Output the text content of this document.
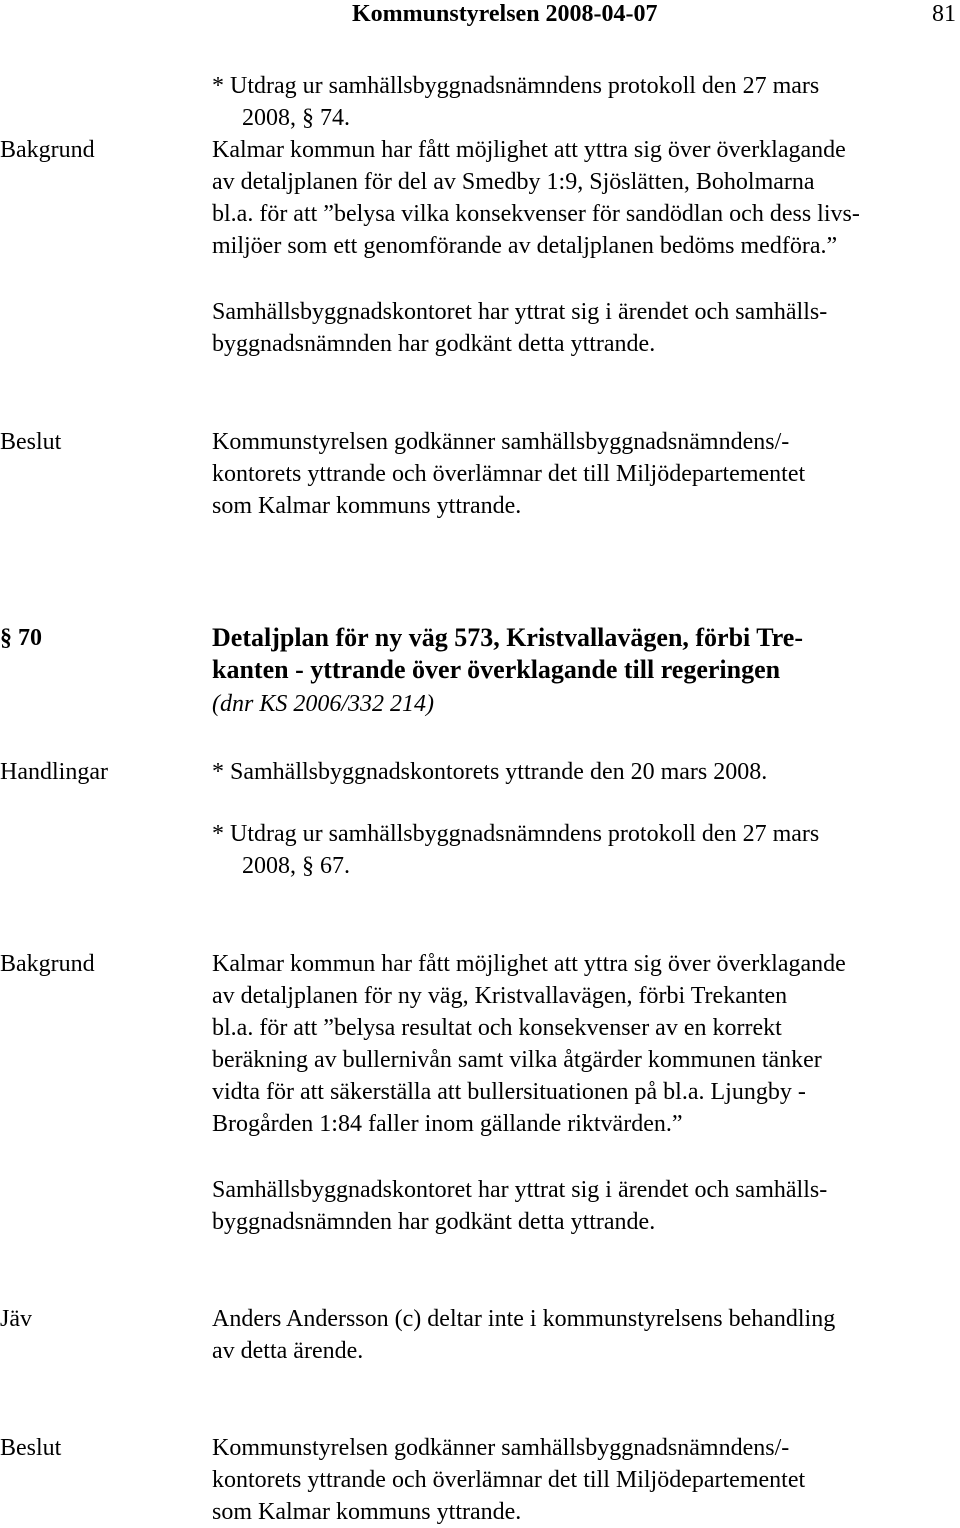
Kommunstyrelsen 2008-04-07	81
* Utdrag ur samhällsbyggnadsnämndens protokoll den 27 mars
2008, § 74.
Bakgrund	Kalmar kommun har fått möjlighet att yttra sig över överklagande
av detaljplanen för del av Smedby 1:9, Sjöslätten, Boholmarna
bl.a. för att ”belysa vilka konsekvenser för sandödlan och dess livs-
miljöer som ett genomförande av detaljplanen bedöms medföra.”
Samhällsbyggnadskontoret har yttrat sig i ärendet och samhälls-
byggnadsnämnden har godkänt detta yttrande.
Beslut	Kommunstyrelsen godkänner samhällsbyggnadsnämndens/-
kontorets yttrande och överlämnar det till Miljödepartementet
som Kalmar kommuns yttrande.
§ 70	Detaljplan för ny väg 573, Kristvallavägen, förbi Tre-
kanten - yttrande över överklagande till regeringen
(dnr KS 2006/332 214)
Handlingar	* Samhällsbyggnadskontorets yttrande den 20 mars 2008.
* Utdrag ur samhällsbyggnadsnämndens protokoll den 27 mars
2008, § 67.
Bakgrund	Kalmar kommun har fått möjlighet att yttra sig över överklagande
av detaljplanen för ny väg, Kristvallavägen, förbi Trekanten
bl.a. för att ”belysa resultat och konsekvenser av en korrekt
beräkning av bullernivån samt vilka åtgärder kommunen tänker
vidta för att säkerställa att bullersituationen på bl.a. Ljungby -
Brogården 1:84 faller inom gällande riktvärden.”
Samhällsbyggnadskontoret har yttrat sig i ärendet och samhälls-
byggnadsnämnden har godkänt detta yttrande.
Jäv	Anders Andersson (c) deltar inte i kommunstyrelsens behandling
av detta ärende.
Beslut	Kommunstyrelsen godkänner samhällsbyggnadsnämndens/-
kontorets yttrande och överlämnar det till Miljödepartementet
som Kalmar kommuns yttrande.
